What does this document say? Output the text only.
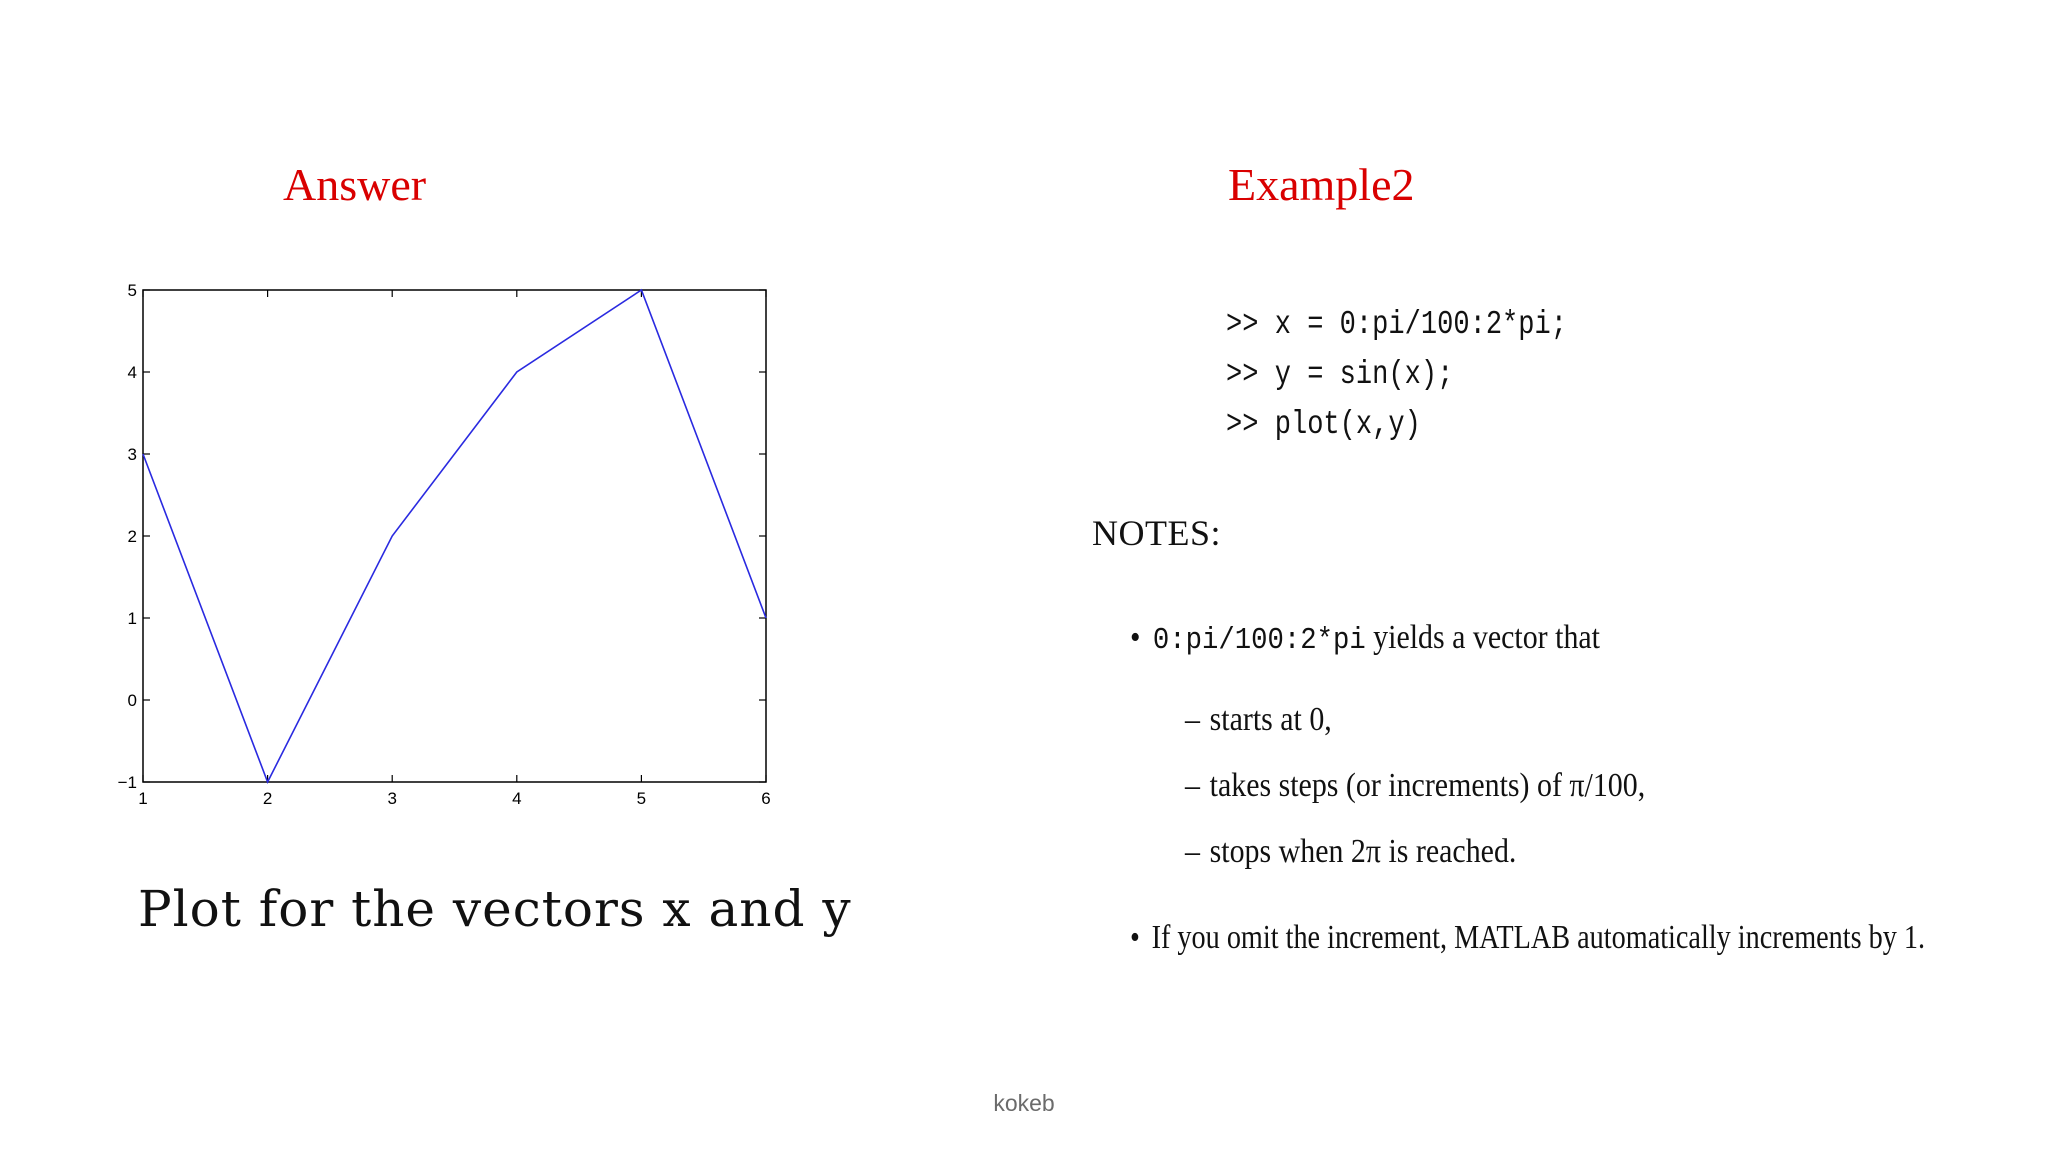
Answer	Example2
1	2	3	4	5	6
−1
0
1
2
3
4
5
Plot for the vectors x and y
>> x = 0:pi/100:2*pi;
>> y = sin(x);
>> plot(x,y)
NOTES:
• 0:pi/100:2*pi yields a vector that
– starts at 0,
– takes steps (or increments) of π/100,
– stops when 2π is reached.
• If you omit the increment, MATLAB automatically increments by 1.
kokeb
